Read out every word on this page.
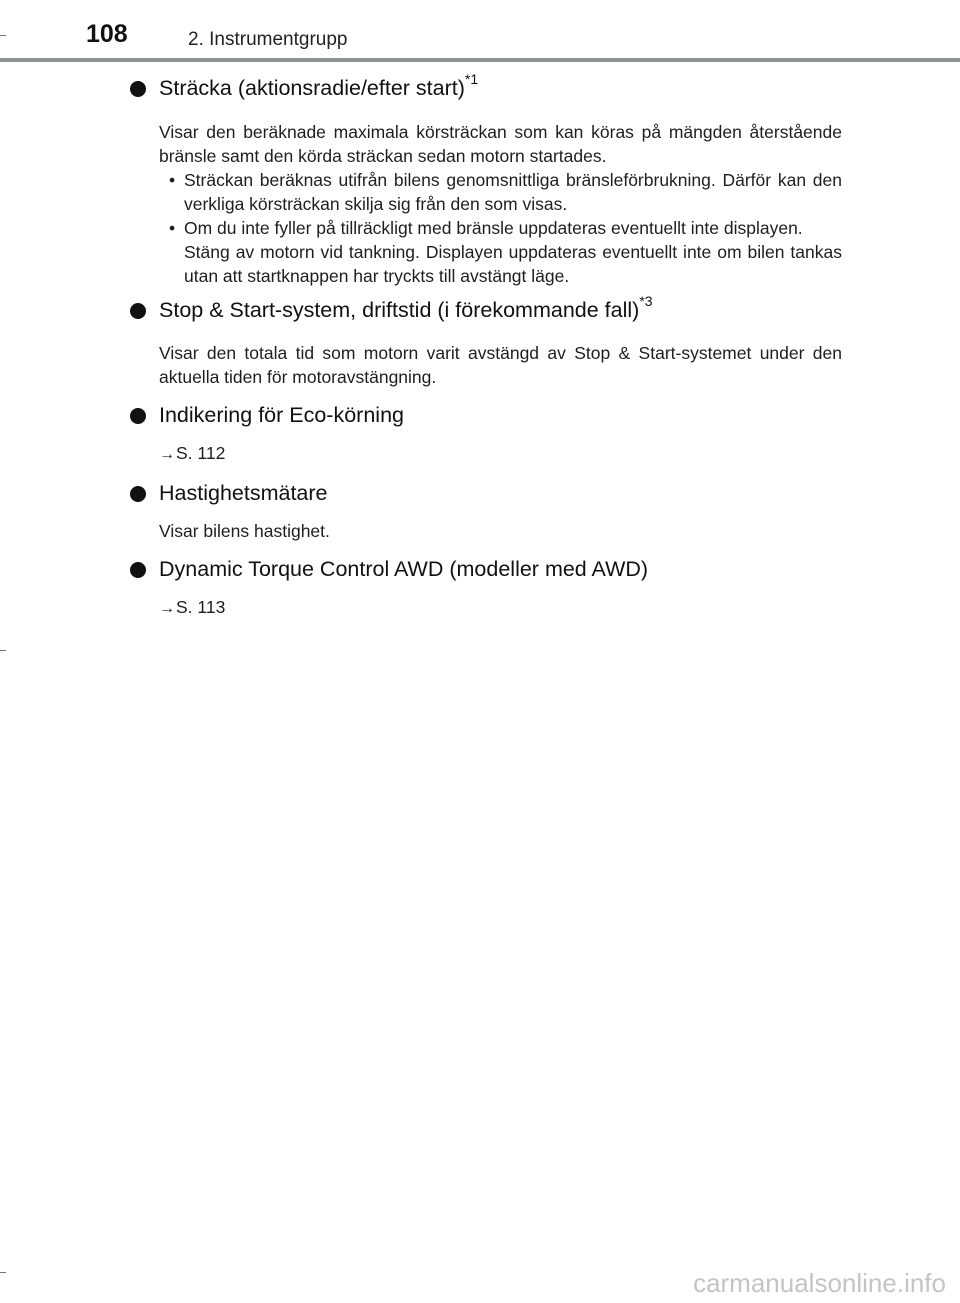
108	2. Instrumentgrupp
Sträcka (aktionsradie/efter start)$^{*1}$
Visar den beräknade maximala körsträckan som kan köras på mängden återstående bränsle samt den körda sträckan sedan motorn startades.
• Sträckan beräknas utifrån bilens genomsnittliga bränsleförbrukning. Därför kan den verkliga körsträckan skilja sig från den som visas.
• Om du inte fyller på tillräckligt med bränsle uppdateras eventuellt inte displayen.
Stäng av motorn vid tankning. Displayen uppdateras eventuellt inte om bilen tankas utan att startknappen har tryckts till avstängt läge.
Stop & Start-system, driftstid (i förekommande fall)$^{*3}$
Visar den totala tid som motorn varit avstängd av Stop & Start-systemet under den aktuella tiden för motoravstängning.
Indikering för Eco-körning
→S. 112
Hastighetsmätare
Visar bilens hastighet.
Dynamic Torque Control AWD (modeller med AWD)
→S. 113
carmanualsonline.info
